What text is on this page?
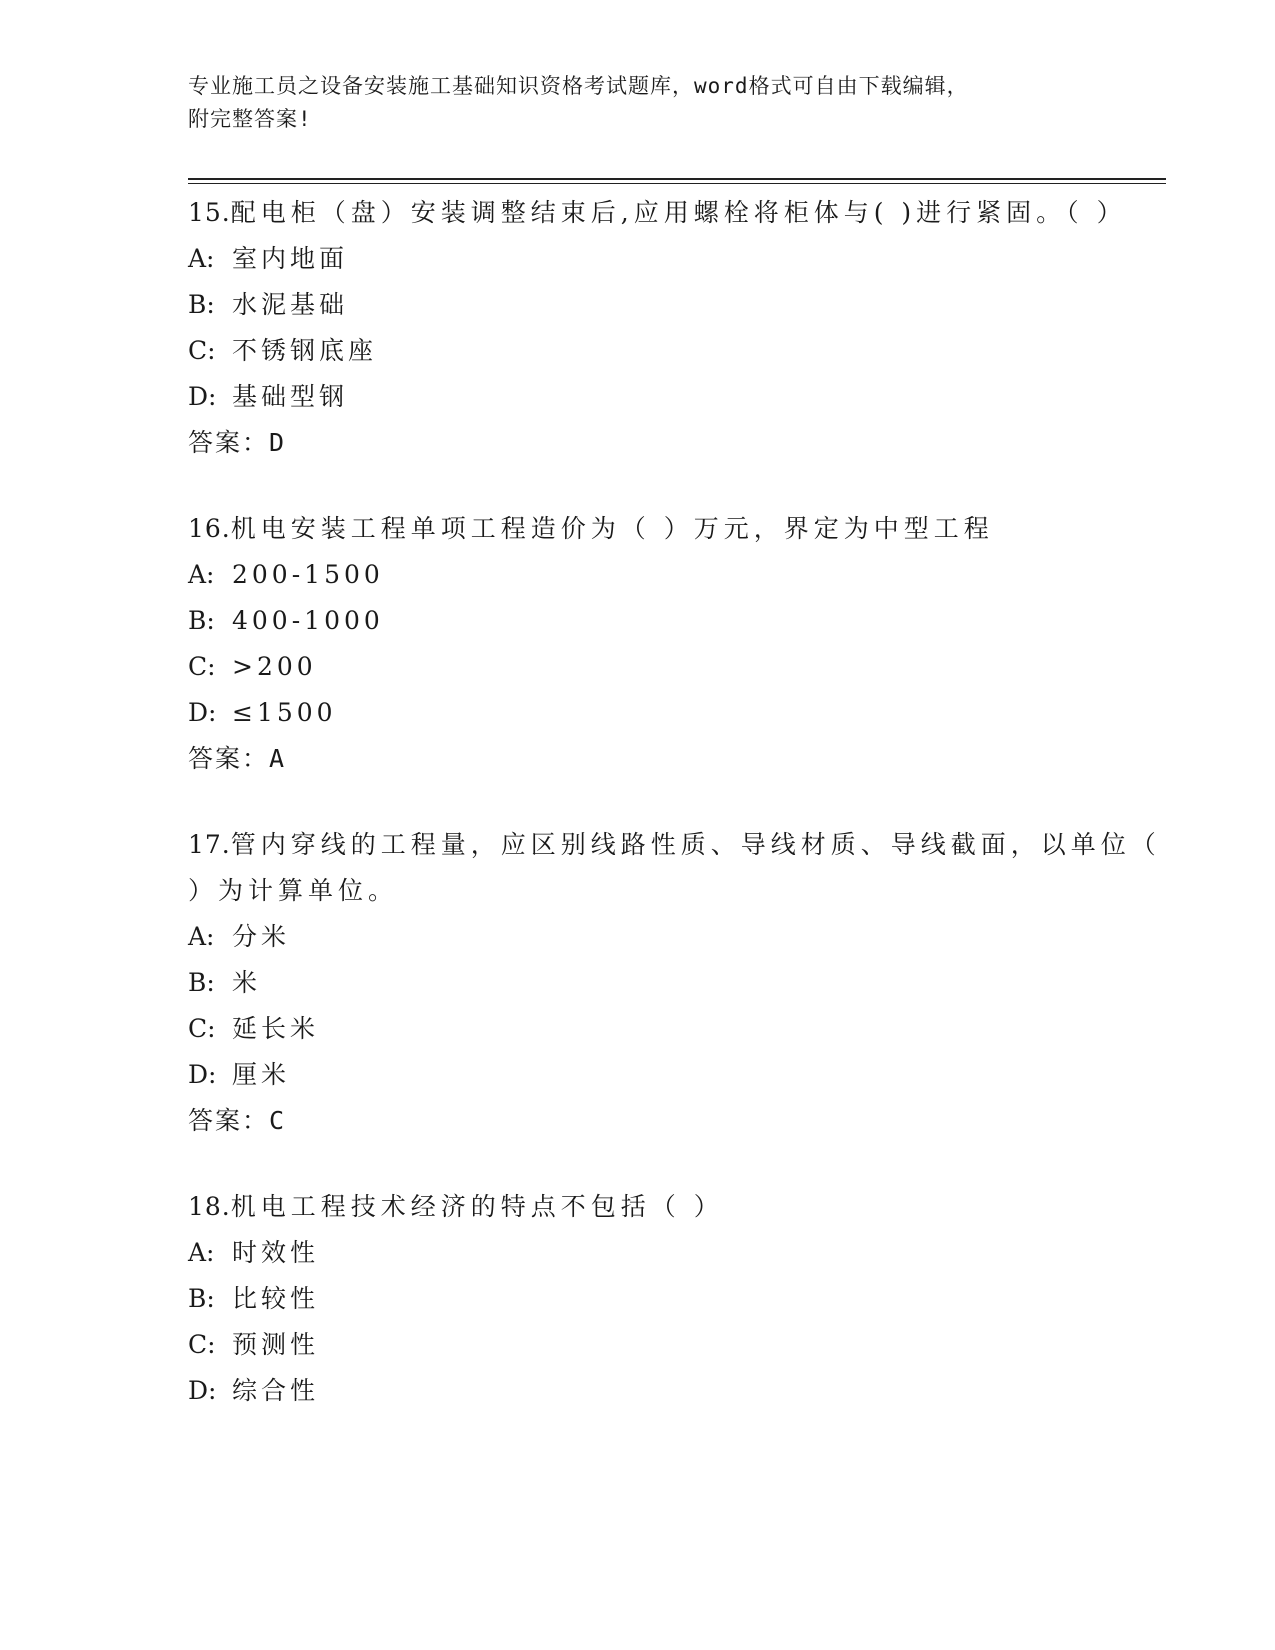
专业施工员之设备安装施工基础知识资格考试题库，word格式可自由下载编辑，

附完整答案!

15.配电柜（盘）安装调整结束后,应用螺栓将柜体与( )进行紧固。（ ）

A: 室内地面
B: 水泥基础
C: 不锈钢底座
D: 基础型钢

答案：D

16.机电安装工程单项工程造价为（ ）万元，界定为中型工程

A: 200-1500
B: 400-1000
C: >200
D: ≤1500

答案：A

17.管内穿线的工程量，应区别线路性质、导线材质、导线截面，以单位（ ）为计算单位。

A: 分米
B: 米
C: 延长米
D: 厘米

答案：C

18.机电工程技术经济的特点不包括（ ）

A: 时效性
B: 比较性
C: 预测性
D: 综合性
